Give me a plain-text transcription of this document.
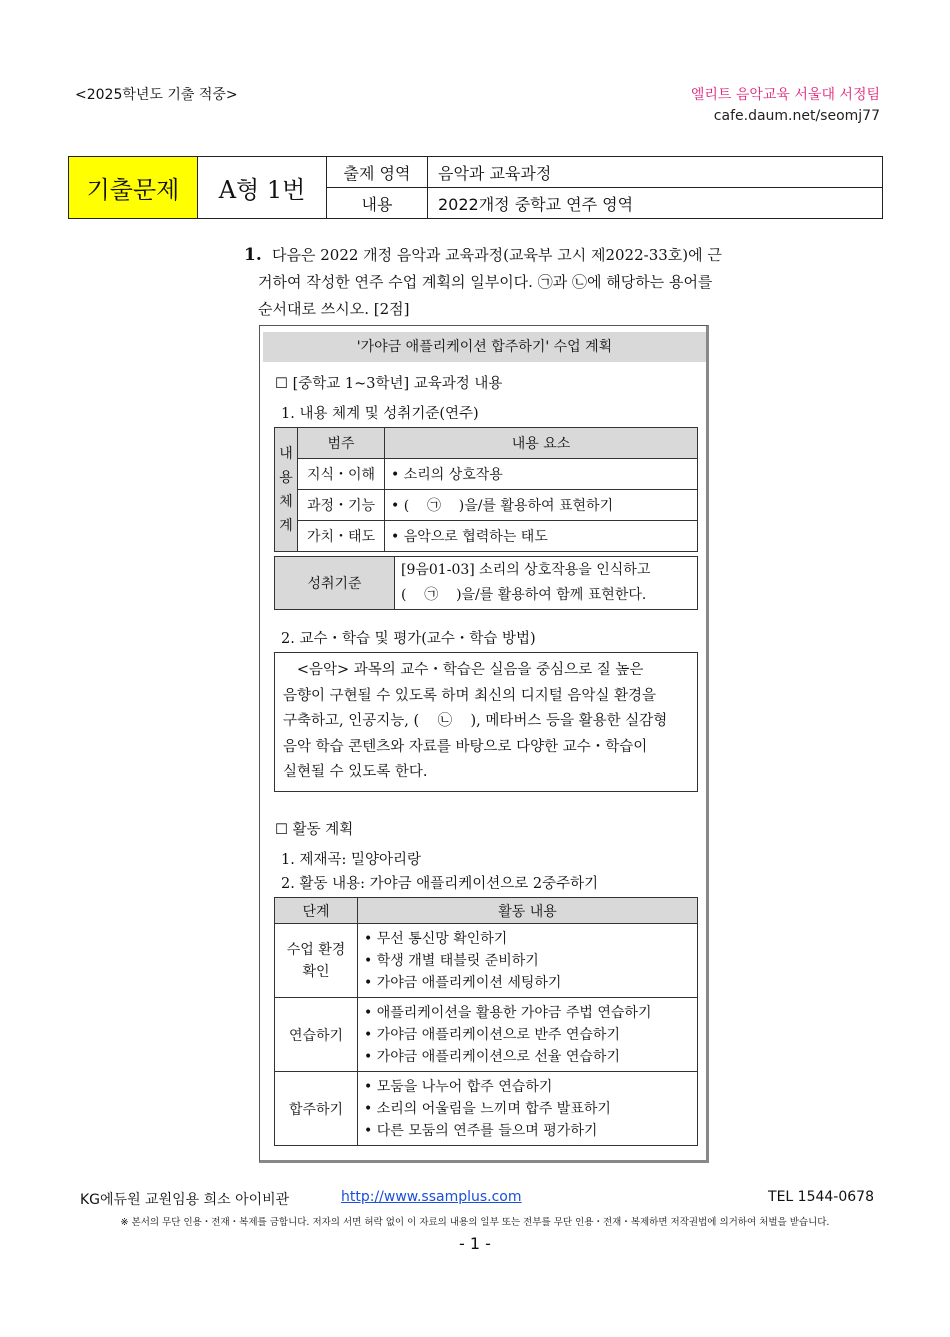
<2025학년도 기출 적중>	엘리트 음악교육 서울대 서정팀
cafe.daum.net/seomj77
기출문제	A형 1번	출제 영역	음악과 교육과정
		내용	2022개정 중학교 연주 영역
1. 다음은 2022 개정 음악과 교육과정(교육부 고시 제2022-33호)에 근거하여 작성한 연주 수업 계획의 일부이다. ㉠과 ㉡에 해당하는 용어를 순서대로 쓰시오. [2점]
'가야금 애플리케이션 합주하기' 수업 계획
☐ [중학교 1~3학년] 교육과정 내용
1. 내용 체계 및 성취기준(연주)
내
용
체
계	범주	내용 요소
	지식・이해	• 소리의 상호작용
	과정・기능	• (    ㉠    )을/를 활용하여 표현하기
	가치・태도	• 음악으로 협력하는 태도
성취기준	[9음01-03] 소리의 상호작용을 인식하고
(    ㉠    )을/를 활용하여 함께 표현한다.
2. 교수・학습 및 평가(교수・학습 방법)
<음악> 과목의 교수・학습은 실음을 중심으로 질 높은
음향이 구현될 수 있도록 하며 최신의 디지털 음악실 환경을
구축하고, 인공지능, (    ㉡    ), 메타버스 등을 활용한 실감형
음악 학습 콘텐츠와 자료를 바탕으로 다양한 교수・학습이
실현될 수 있도록 한다.
☐ 활동 계획
1. 제재곡: 밀양아리랑
2. 활동 내용: 가야금 애플리케이션으로 2중주하기
단계	활동 내용
수업 환경
확인	• 무선 통신망 확인하기
• 학생 개별 태블릿 준비하기
• 가야금 애플리케이션 세팅하기

연습하기	• 애플리케이션을 활용한 가야금 주법 연습하기
• 가야금 애플리케이션으로 반주 연습하기
• 가야금 애플리케이션으로 선율 연습하기

합주하기	• 모둠을 나누어 합주 연습하기
• 소리의 어울림을 느끼며 합주 발표하기
• 다른 모둠의 연주를 들으며 평가하기
KG에듀원 교원임용 희소 아이비관	http://www.ssamplus.com	TEL 1544-0678
※ 본서의 무단 인용・전재・복제를 금합니다. 저자의 서면 허락 없이 이 자료의 내용의 일부 또는 전부를 무단 인용・전재・복제하면 저작권법에 의거하여 처벌을 받습니다.
- 1 -
